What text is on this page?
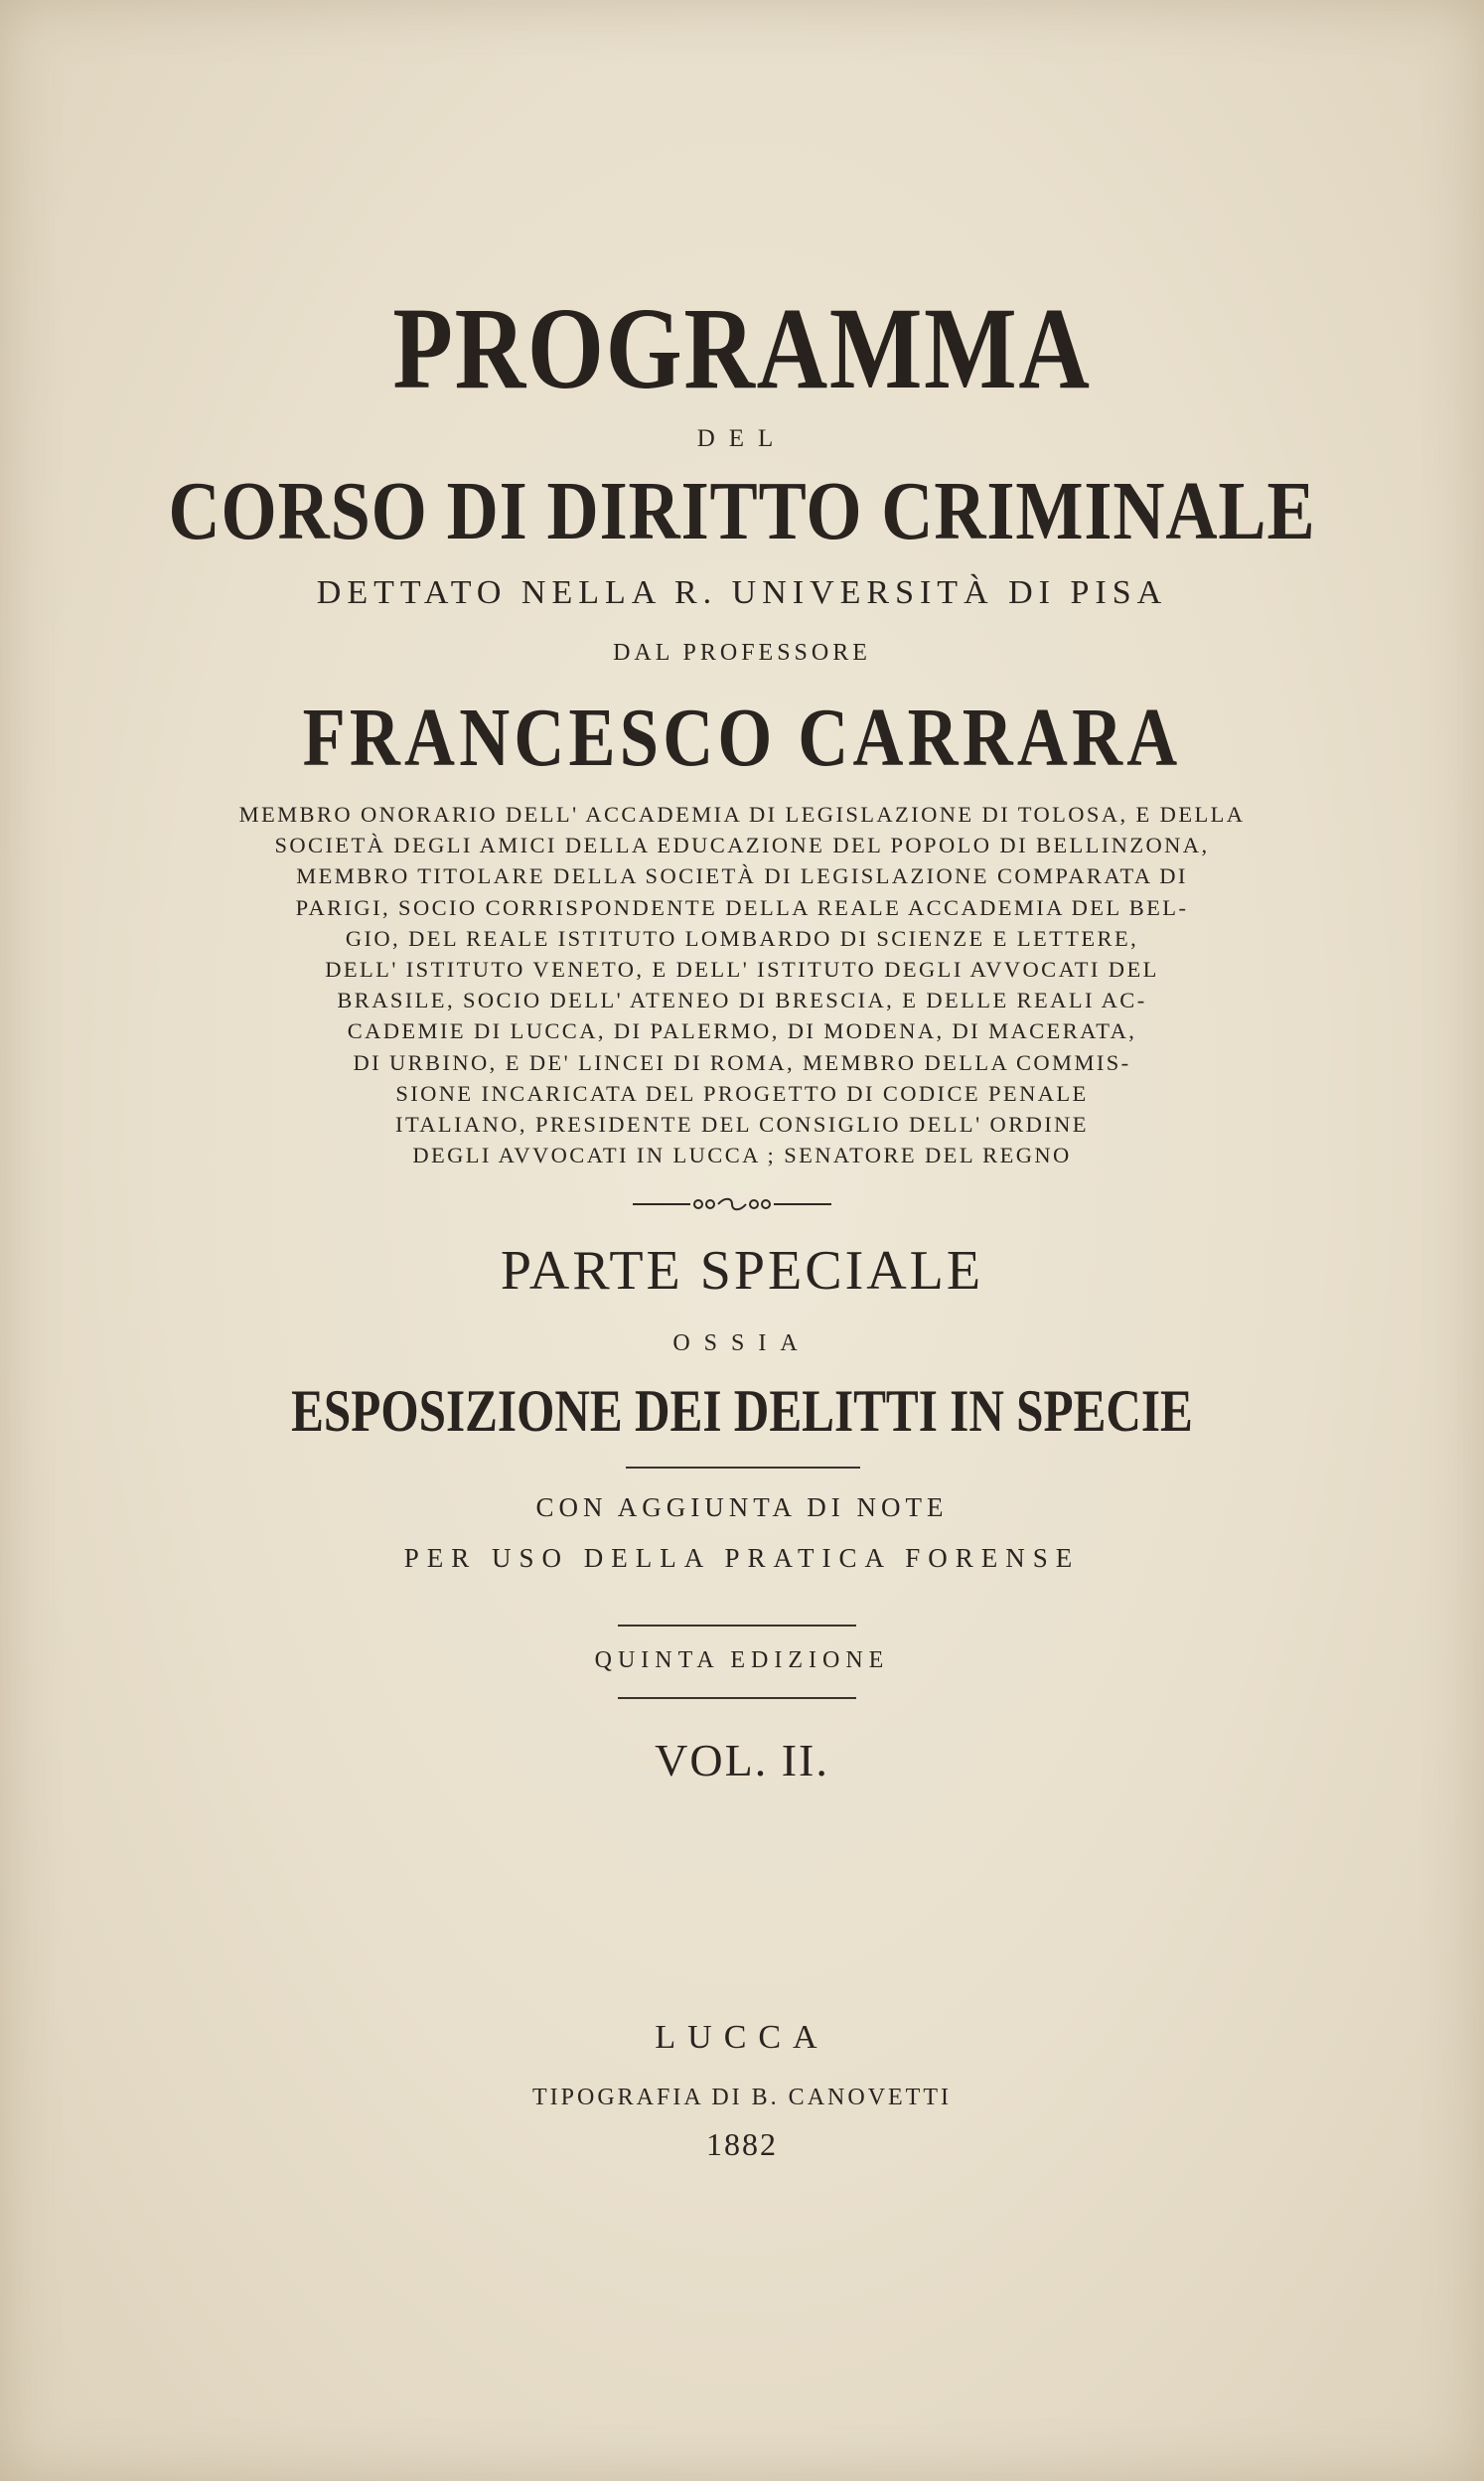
PROGRAMMA
DEL
CORSO DI DIRITTO CRIMINALE
DETTATO NELLA R. UNIVERSITÀ DI PISA
DAL PROFESSORE
FRANCESCO CARRARA
MEMBRO ONORARIO DELL' ACCADEMIA DI LEGISLAZIONE DI TOLOSA, E DELLA
SOCIETÀ DEGLI AMICI DELLA EDUCAZIONE DEL POPOLO DI BELLINZONA,
MEMBRO TITOLARE DELLA SOCIETÀ DI LEGISLAZIONE COMPARATA DI
PARIGI, SOCIO CORRISPONDENTE DELLA REALE ACCADEMIA DEL BEL-
GIO, DEL REALE ISTITUTO LOMBARDO DI SCIENZE E LETTERE,
DELL' ISTITUTO VENETO, E DELL' ISTITUTO DEGLI AVVOCATI DEL
BRASILE, SOCIO DELL' ATENEO DI BRESCIA, E DELLE REALI AC-
CADEMIE DI LUCCA, DI PALERMO, DI MODENA, DI MACERATA,
DI URBINO, E DE' LINCEI DI ROMA, MEMBRO DELLA COMMIS-
SIONE INCARICATA DEL PROGETTO DI CODICE PENALE
ITALIANO, PRESIDENTE DEL CONSIGLIO DELL' ORDINE
DEGLI AVVOCATI IN LUCCA ; SENATORE DEL REGNO
PARTE SPECIALE
OSSIA
ESPOSIZIONE DEI DELITTI IN SPECIE
CON AGGIUNTA DI NOTE
PER USO DELLA PRATICA FORENSE
QUINTA EDIZIONE
VOL. II.
LUCCA
TIPOGRAFIA DI B. CANOVETTI
1882
